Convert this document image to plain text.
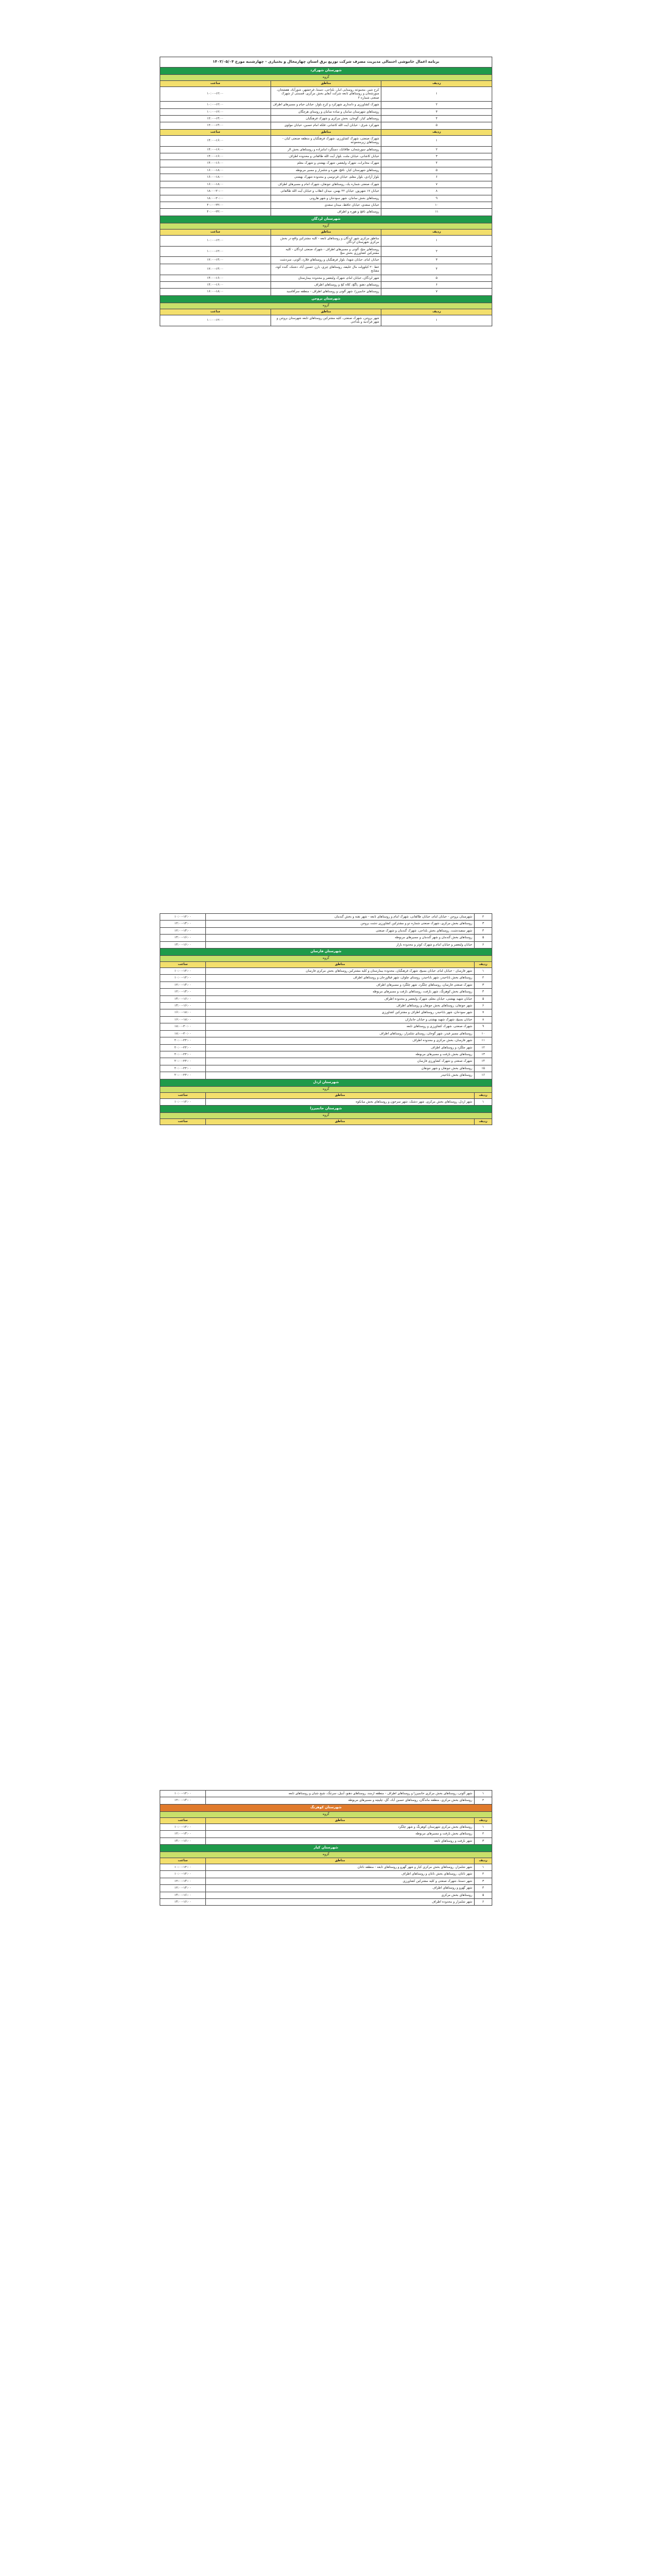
برنامه اعمال خاموشی احتمالی مدیریت مصرف شرکت توزیع برق استان چهارمحال و بختیاری - چهارشنبه مورخ ۱۴۰۲/۰۵/۰۴		
شهرستان شهرکرد		
گروه		
ردیف	مناطق	ساعت
۱	کرخ شیر، مجموعه روستایی انبار، بلداجی، دستنا، فرخشهر، شورآباد، هفشجان، سورشجان و روستاهای تابعه شرکت آبفای بخش مرکزی، قسمتی از شهرک صنعتی شماره ۲	۱۰:۰۰-۱۲:۰۰
۲	شهرک کشاورزی و دامداری شهرکرد و کرخ بلوار، خیابان خیام و مسیرهای اطراف	۱۰:۰۰-۱۲:۰۰
۳	روستاهای شهرستان سامان و ساده سامان و روستای هرچگان	۱۰:۰۰-۱۲:۰۰
۴	روستاهای کیار، گوجان، بخش مرکزی و شهرک فرهنگیان	۱۲:۰۰-۱۴:۰۰
۵	شهرکرد شرق - خیابان آیت الله کاشانی، فلکه امام حسین، خیابان مولوی	۱۲:۰۰-۱۴:۰۰
ردیف	مناطق	ساعت
۱	شهرک صنعتی، شهرک کشاورزی، شهرک فرهنگیان و منطقه صنعتی کیان - روستاهای زیرمجموعه	۱۴:۰۰-۱۶:۰۰
۲	روستاهای سورشجان، طاقانک، دستگرد امامزاده و روستاهای بخش لار	۱۴:۰۰-۱۶:۰۰
۳	خیابان کاشانی، خیابان ملت، بلوار آیت الله طالقانی و محدوده اطراف	۱۴:۰۰-۱۶:۰۰
۴	شهرک مخابرات، شهرک ولیعصر، شهرک بهشتی و شهرک معلم	۱۴:۰۰-۱۶:۰۰
۵	روستاهای شهرستان کیار، نافچ، هوره و شلمزار و مسیر مربوطه	۱۶:۰۰-۱۸:۰۰
۶	بلوار آزادی، بلوار معلم، خیابان فردوسی و محدوده شهرک بهشتی	۱۶:۰۰-۱۸:۰۰
۷	شهرک صنعتی شماره یک، روستاهای جونقان، شهرک امام و مسیرهای اطراف	۱۶:۰۰-۱۸:۰۰
۸	خیابان ۱۷ شهریور، خیابان ۲۲ بهمن، میدان انقلاب و خیابان آیت الله طالقانی	۱۸:۰۰-۲۰:۰۰
۹	روستاهای بخش سامان، شهر سودجان و شهر هارونی	۱۸:۰۰-۲۰:۰۰
۱۰	خیابان سعدی، خیابان حافظ، میدان سعدی	۲۰:۰۰-۲۲:۰۰
۱۱	روستاهای نافچ و هوره و اطراف	۲۰:۰۰-۲۲:۰۰
شهرستان لردگان		
گروه		
ردیف	مناطق	ساعت
۱	مناطق مرکزی شهر لردگان و روستاهای تابعه - کلیه مشترکین واقع در بخش مرکزی شهرستان لردگان	۱۰:۰۰-۱۲:۰۰
۲	روستاهای منج، آلونی و مسیرهای اطراف - شهرک صنعتی لردگان - کلیه مشترکین کشاورزی بخش منج	۱۰:۰۰-۱۲:۰۰
۳	خیابان امام، خیابان شهدا، بلوار فرهنگیان و روستاهای فلارد، آلونی، سردشت	۱۲:۰۰-۱۴:۰۰
۴	خط ۲۰ کیلوولت مال خلیفه، روستاهای چری، بارز، حسین آباد، دشتک، گنده کوه، مشایخ	۱۲:۰۰-۱۴:۰۰
۵	شهر لردگان، خیابان امام، شهرک ولیعصر و محدوده بیمارستان	۱۴:۰۰-۱۶:۰۰
۶	روستاهای دهنو، پاگچ، کلاه کج و روستاهای اطراف	۱۴:۰۰-۱۶:۰۰
۷	روستاهای خانمیرزا، شهر آلونی و روستاهای اطراف - منطقه سرآقاسید	۱۶:۰۰-۱۸:۰۰
شهرستان بروجن		
گروه		
ردیف	مناطق	ساعت
۱	شهر بروجن، شهرک صنعتی، کلیه مشترکین روستاهای تابعه شهرستان بروجن و شهر فرادنبه و بلداجی	۱۰:۰۰-۱۲:۰۰
۲	شهرستان بروجن - خیابان امام، خیابان طالقانی، شهرک امام و روستاهای تابعه - شهر نقنه و بخش گندمان	۱۰:۰۰-۱۲:۰۰
۳	روستاهای بخش مرکزی، شهرک صنعتی شماره دو و مشترکین کشاورزی دشت بروجن	۱۲:۰۰-۱۴:۰۰
۴	شهر سفیددشت، روستاهای بخش بلداجی، شهرک گندمان و شهرک صنعتی	۱۲:۰۰-۱۴:۰۰
۵	روستاهای بخش گندمان و شهر گندمان و مسیرهای مربوطه	۱۴:۰۰-۱۶:۰۰
۶	خیابان ولیعصر و خیابان امام و شهرک کوثر و محدوده بازار	۱۴:۰۰-۱۶:۰۰
شهرستان فارسان		
گروه		
ردیف	مناطق	ساعت
۱	شهر فارسان - خیابان امام، خیابان بسیج، شهرک فرهنگیان، محدوده بیمارستان و کلیه مشترکین روستاهای بخش مرکزی فارسان	۱۰:۰۰-۱۲:۰۰
۲	روستاهای بخش باباحیدر، شهر باباحیدر، روستای چلوان، شهر فیلاورجان و روستاهای اطراف	۱۰:۰۰-۱۲:۰۰
۳	شهرک صنعتی فارسان، روستاهای چلگرد، شهر چلگرد و مسیرهای اطراف	۱۲:۰۰-۱۴:۰۰
۴	روستاهای بخش کوهرنگ، شهر بازفت، روستاهای بازفت و مسیرهای مربوطه	۱۲:۰۰-۱۴:۰۰
۵	خیابان شهید بهشتی، خیابان معلم، شهرک ولیعصر و محدوده اطراف	۱۴:۰۰-۱۶:۰۰
۶	شهر جونقان، روستاهای بخش جونقان و روستاهای اطراف	۱۴:۰۰-۱۶:۰۰
۷	شهر سودجان، شهر باباحیدر، روستاهای اطراف و مشترکین کشاورزی	۱۶:۰۰-۱۸:۰۰
۸	خیابان بسیج، شهرک شهید بهشتی و خیابان جانبازان	۱۶:۰۰-۱۸:۰۰
۹	شهرک صنعتی، شهرک کشاورزی و روستاهای تابعه	۱۸:۰۰-۲۰:۰۰
۱۰	روستاهای مسیر فیدر، شهر گوجان، روستای شلمزار، روستاهای اطراف	۱۸:۰۰-۲۰:۰۰
۱۱	شهر فارسان، بخش مرکزی و محدوده اطراف	۲۰:۰۰-۲۲:۰۰
۱۲	شهر چلگرد و روستاهای اطراف	۲۰:۰۰-۲۲:۰۰
۱۳	روستاهای بخش بازفت و مسیرهای مربوطه	۲۰:۰۰-۲۲:۰۰
۱۴	شهرک صنعتی و شهرک کشاورزی فارسان	۲۰:۰۰-۲۲:۰۰
۱۵	روستاهای بخش جونقان و شهر جونقان	۲۰:۰۰-۲۲:۰۰
۱۶	روستاهای بخش باباحیدر	۲۰:۰۰-۲۲:۰۰
شهرستان اردل		
گروه		
ردیف	مناطق	ساعت
۱	شهر اردل، روستاهای بخش مرکزی، شهر دشتک، شهر سرخون و روستاهای بخش میانکوه	۱۰:۰۰-۱۲:۰۰
شهرستان خانمیرزا		
گروه		
ردیف	مناطق	ساعت
۱	شهر آلونی، روستاهای بخش مرکزی خانمیرزا و روستاهای اطراف - منطقه ارمند، روستاهای دهنو، آبنیل، سرتنگ، شیخ شبان و روستاهای تابعه	۱۰:۰۰-۱۲:۰۰
۲	روستاهای بخش مرکزی، منطقه ماندگان، روستاهای حسین آباد، گل، چلیچه و مسیرهای مربوطه	۱۲:۰۰-۱۴:۰۰
شهرستان کوهرنگ		
گروه		
ردیف	مناطق	ساعت
۱	روستاهای بخش مرکزی شهرستان کوهرنگ و شهر چلگرد	۱۰:۰۰-۱۲:۰۰
۲	روستاهای بخش بازفت و مسیرهای مربوطه	۱۲:۰۰-۱۴:۰۰
۳	شهر بازفت و روستاهای تابعه	۱۴:۰۰-۱۶:۰۰
شهرستان کیار		
گروه		
ردیف	مناطق	ساعت
۱	شهر شلمزار، روستاهای بخش مرکزی کیار و شهر گهرو و روستاهای تابعه - منطقه ناغان	۱۰:۰۰-۱۲:۰۰
۲	شهر ناغان، روستاهای بخش ناغان و روستاهای اطراف	۱۰:۰۰-۱۲:۰۰
۳	شهر دستنا، شهرک صنعتی و کلیه مشترکین کشاورزی	۱۲:۰۰-۱۴:۰۰
۴	شهر گهرو و روستاهای اطراف	۱۲:۰۰-۱۴:۰۰
۵	روستاهای بخش مرکزی	۱۴:۰۰-۱۶:۰۰
۶	شهر شلمزار و محدوده اطراف	۱۴:۰۰-۱۶:۰۰
